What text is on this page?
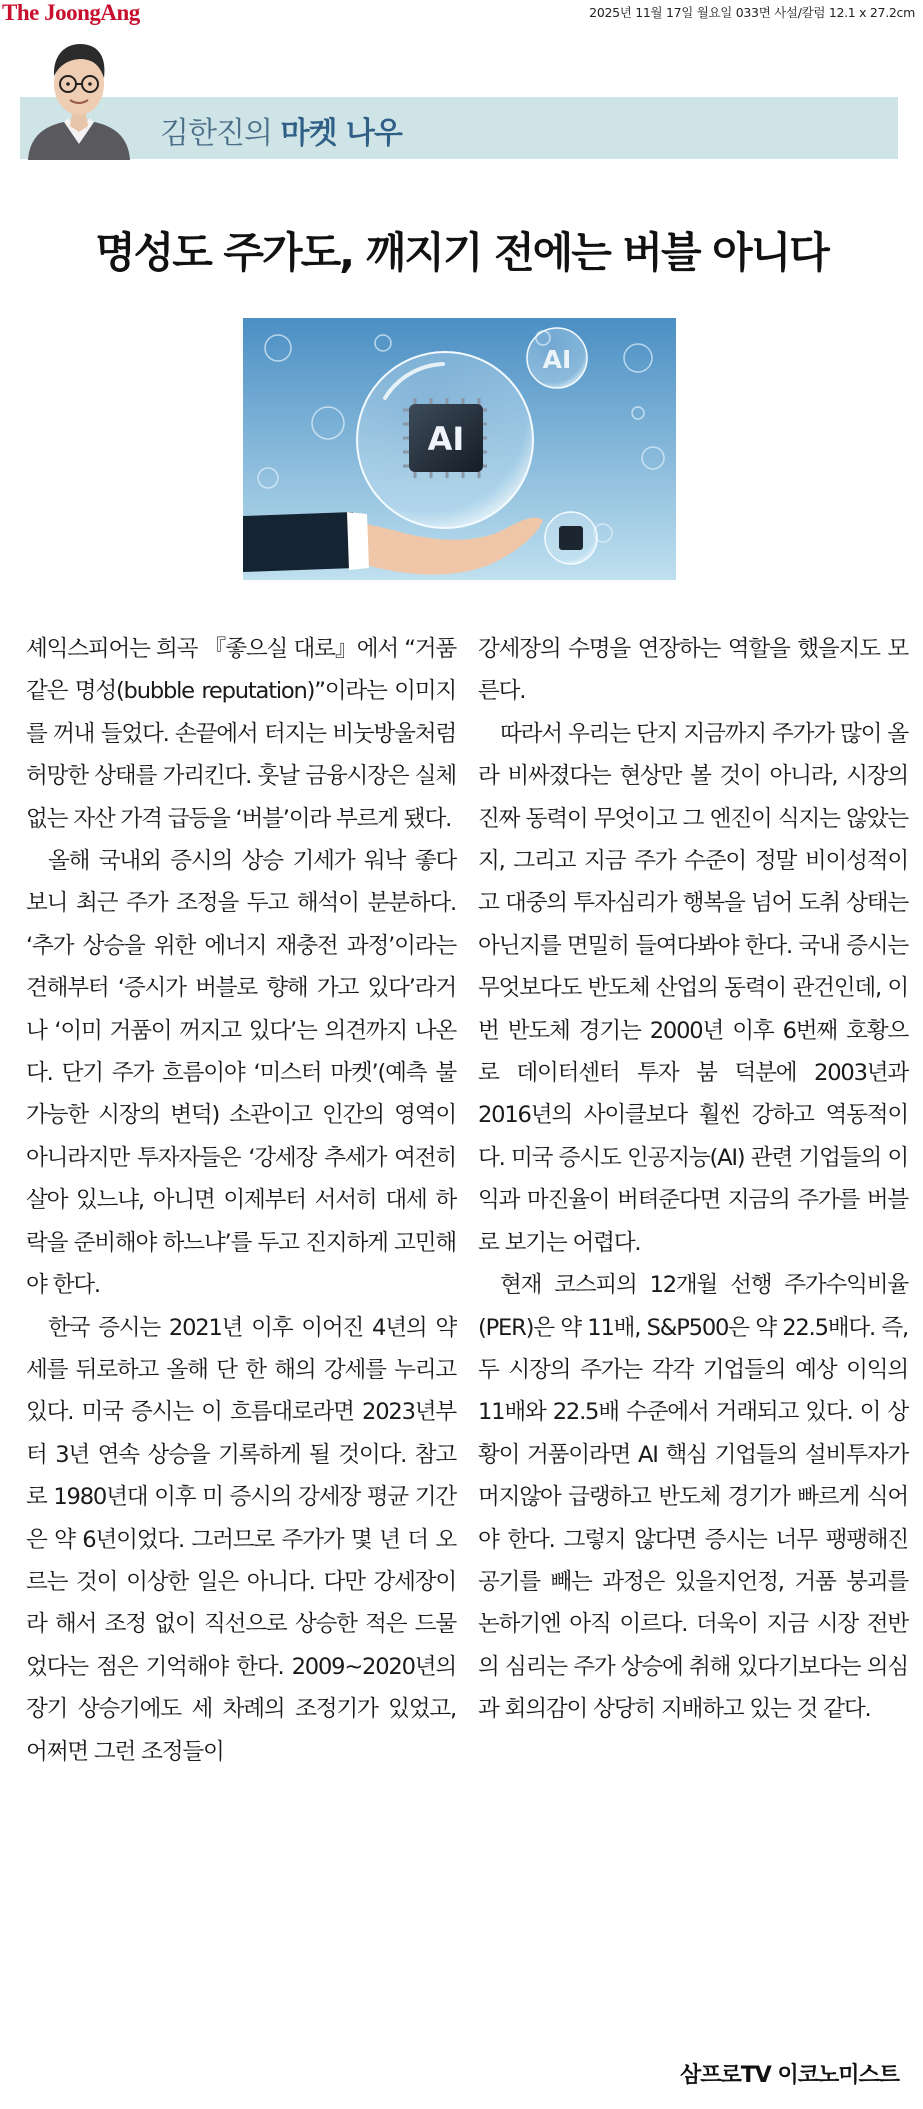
The JoongAng	2025년 11월 17일 월요일 033면 사설/칼럼 12.1 x 27.2cm
김한진의 마켓 나우
명성도 주가도, 깨지기 전에는 버블 아니다
AI
AI

셰익스피어는 희곡 『좋으실 대로』에서 “거품 같은 명성(bubble reputation)”이라는 이미지를 꺼내 들었다. 손끝에서 터지는 비눗방울처럼 허망한 상태를 가리킨다. 훗날 금융시장은 실체 없는 자산 가격 급등을 ‘버블’이라 부르게 됐다.

올해 국내외 증시의 상승 기세가 워낙 좋다 보니 최근 주가 조정을 두고 해석이 분분하다. ‘추가 상승을 위한 에너지 재충전 과정’이라는 견해부터 ‘증시가 버블로 향해 가고 있다’라거나 ‘이미 거품이 꺼지고 있다’는 의견까지 나온다. 단기 주가 흐름이야 ‘미스터 마켓’(예측 불가능한 시장의 변덕) 소관이고 인간의 영역이 아니라지만 투자자들은 ‘강세장 추세가 여전히 살아 있느냐, 아니면 이제부터 서서히 대세 하락을 준비해야 하느냐’를 두고 진지하게 고민해야 한다.

한국 증시는 2021년 이후 이어진 4년의 약세를 뒤로하고 올해 단 한 해의 강세를 누리고 있다. 미국 증시는 이 흐름대로라면 2023년부터 3년 연속 상승을 기록하게 될 것이다. 참고로 1980년대 이후 미 증시의 강세장 평균 기간은 약 6년이었다. 그러므로 주가가 몇 년 더 오르는 것이 이상한 일은 아니다. 다만 강세장이라 해서 조정 없이 직선으로 상승한 적은 드물었다는 점은 기억해야 한다. 2009~2020년의 장기 상승기에도 세 차례의 조정기가 있었고, 어쩌면 그런 조정들이

강세장의 수명을 연장하는 역할을 했을지도 모른다.

따라서 우리는 단지 지금까지 주가가 많이 올라 비싸졌다는 현상만 볼 것이 아니라, 시장의 진짜 동력이 무엇이고 그 엔진이 식지는 않았는지, 그리고 지금 주가 수준이 정말 비이성적이고 대중의 투자심리가 행복을 넘어 도취 상태는 아닌지를 면밀히 들여다봐야 한다. 국내 증시는 무엇보다도 반도체 산업의 동력이 관건인데, 이번 반도체 경기는 2000년 이후 6번째 호황으로 데이터센터 투자 붐 덕분에 2003년과 2016년의 사이클보다 훨씬 강하고 역동적이다. 미국 증시도 인공지능(AI) 관련 기업들의 이익과 마진율이 버텨준다면 지금의 주가를 버블로 보기는 어렵다.

현재 코스피의 12개월 선행 주가수익비율(PER)은 약 11배, S&P500은 약 22.5배다. 즉, 두 시장의 주가는 각각 기업들의 예상 이익의 11배와 22.5배 수준에서 거래되고 있다. 이 상황이 거품이라면 AI 핵심 기업들의 설비투자가 머지않아 급랭하고 반도체 경기가 빠르게 식어야 한다. 그렇지 않다면 증시는 너무 팽팽해진 공기를 빼는 과정은 있을지언정, 거품 붕괴를 논하기엔 아직 이르다. 더욱이 지금 시장 전반의 심리는 주가 상승에 취해 있다기보다는 의심과 회의감이 상당히 지배하고 있는 것 같다.

삼프로TV 이코노미스트
